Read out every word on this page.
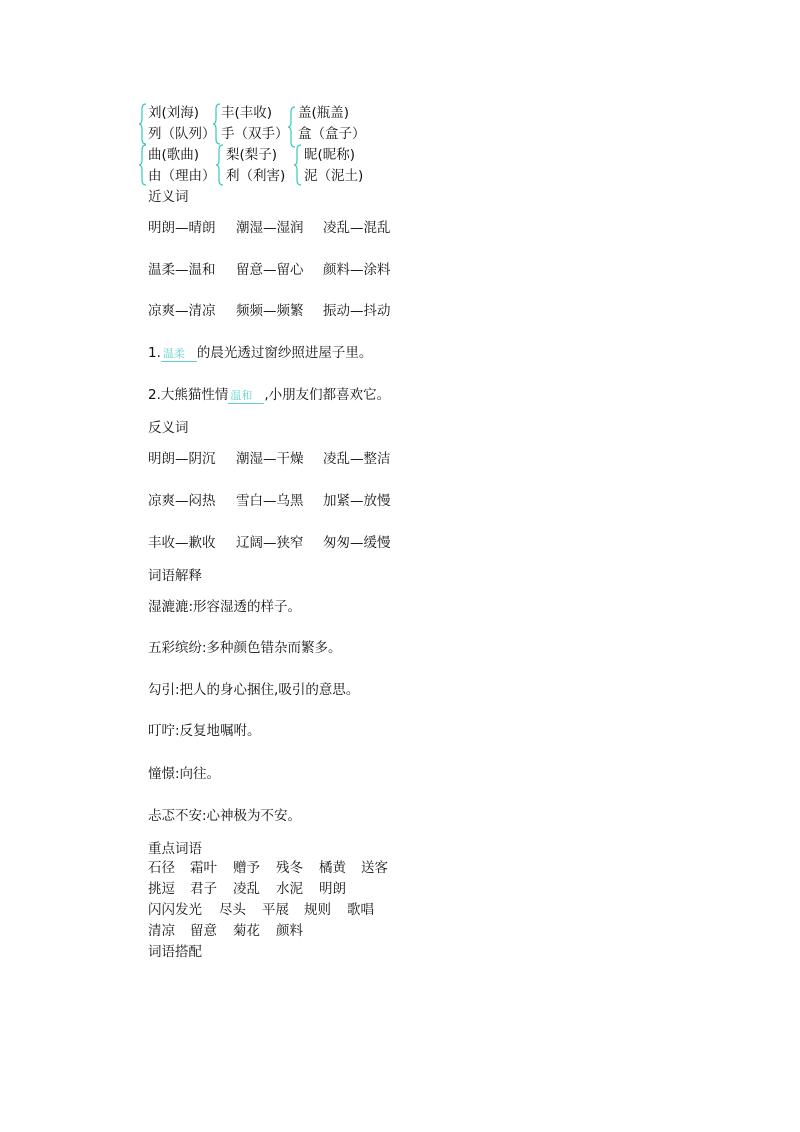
刘(刘海)
列（队列）
丰(丰收)
手（双手）
盖(瓶盖)
盒（盒子）
曲(歌曲)
由（理由）
梨(梨子)
利（利害)
昵(昵称)
泥（泥土)
近义词
明朗—晴朗 潮湿—湿润 凌乱—混乱
温柔—温和 留意—留心 颜料—涂料
凉爽—清凉 频频—频繁 振动—抖动
1. 温柔 的晨光透过窗纱照进屋子里。
2.大熊猫性情 温和 ,小朋友们都喜欢它。
反义词
明朗—阴沉 潮湿—干燥 凌乱—整洁
凉爽—闷热 雪白—乌黑 加紧—放慢
丰收—歉收 辽阔—狭窄 匆匆—缓慢
词语解释
湿漉漉:形容湿透的样子。
五彩缤纷:多种颜色错杂而繁多。
勾引:把人的身心捆住,吸引的意思。
叮咛:反复地嘱咐。
憧憬:向往。
忐忑不安:心神极为不安。
重点词语
石径 霜叶 赠予 残冬 橘黄 送客
挑逗 君子 凌乱 水泥 明朗
闪闪发光 尽头 平展 规则 歌唱
清凉 留意 菊花 颜料
词语搭配
